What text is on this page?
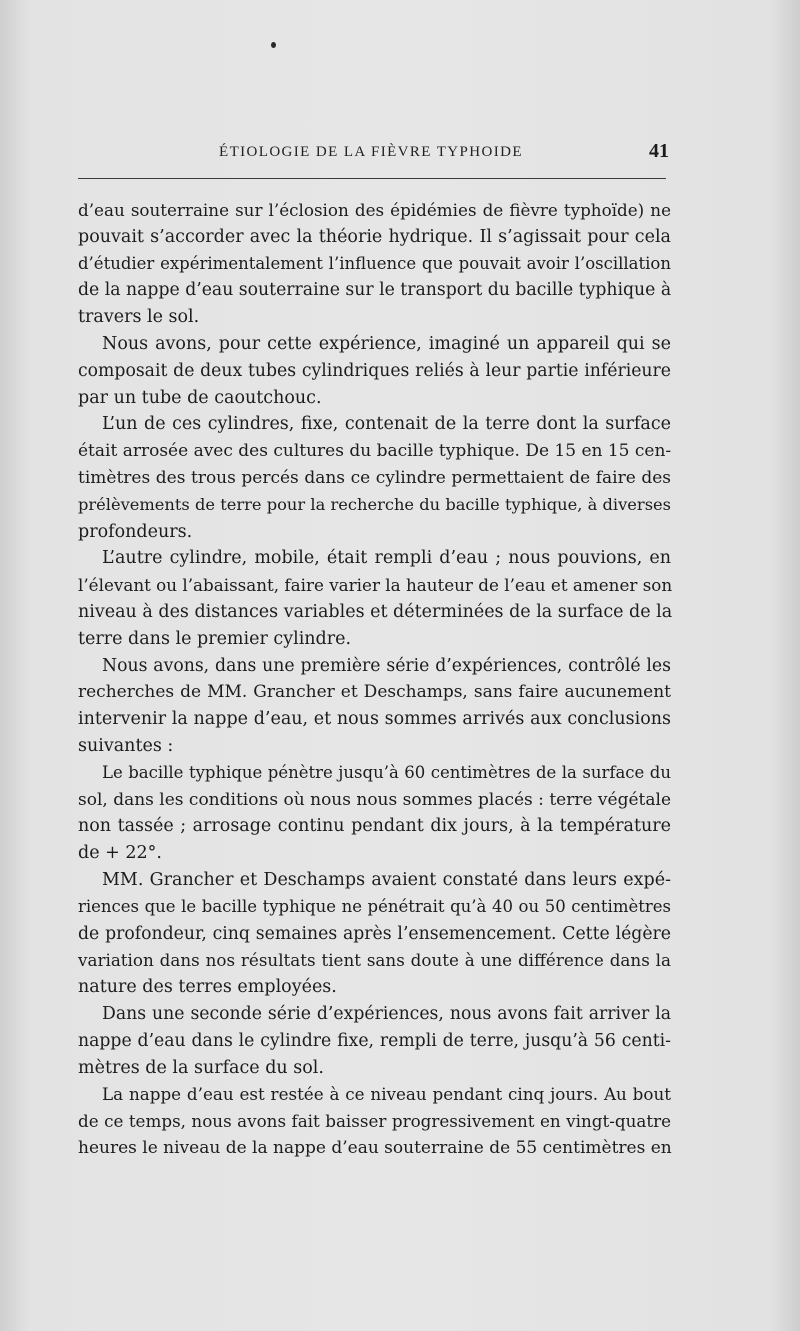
ÉTIOLOGIE DE LA FIÈVRE TYPHOIDE	41
d’eau souterraine sur l’éclosion des épidémies de fièvre typhoïde) ne
pouvait s’accorder avec la théorie hydrique. Il s’agissait pour cela
d’étudier expérimentalement l’influence que pouvait avoir l’oscillation
de la nappe d’eau souterraine sur le transport du bacille typhique à
travers le sol.
Nous avons, pour cette expérience, imaginé un appareil qui se
composait de deux tubes cylindriques reliés à leur partie inférieure
par un tube de caoutchouc.
L’un de ces cylindres, fixe, contenait de la terre dont la surface
était arrosée avec des cultures du bacille typhique. De 15 en 15 cen-
timètres des trous percés dans ce cylindre permettaient de faire des
prélèvements de terre pour la recherche du bacille typhique, à diverses
profondeurs.
L’autre cylindre, mobile, était rempli d’eau ; nous pouvions, en
l’élevant ou l’abaissant, faire varier la hauteur de l’eau et amener son
niveau à des distances variables et déterminées de la surface de la
terre dans le premier cylindre.
Nous avons, dans une première série d’expériences, contrôlé les
recherches de MM. Grancher et Deschamps, sans faire aucunement
intervenir la nappe d’eau, et nous sommes arrivés aux conclusions
suivantes :
Le bacille typhique pénètre jusqu’à 60 centimètres de la surface du
sol, dans les conditions où nous nous sommes placés : terre végétale
non tassée ; arrosage continu pendant dix jours, à la température
de + 22°.
MM. Grancher et Deschamps avaient constaté dans leurs expé-
riences que le bacille typhique ne pénétrait qu’à 40 ou 50 centimètres
de profondeur, cinq semaines après l’ensemencement. Cette légère
variation dans nos résultats tient sans doute à une différence dans la
nature des terres employées.
Dans une seconde série d’expériences, nous avons fait arriver la
nappe d’eau dans le cylindre fixe, rempli de terre, jusqu’à 56 centi-
mètres de la surface du sol.
La nappe d’eau est restée à ce niveau pendant cinq jours. Au bout
de ce temps, nous avons fait baisser progressivement en vingt-quatre
heures le niveau de la nappe d’eau souterraine de 55 centimètres en
